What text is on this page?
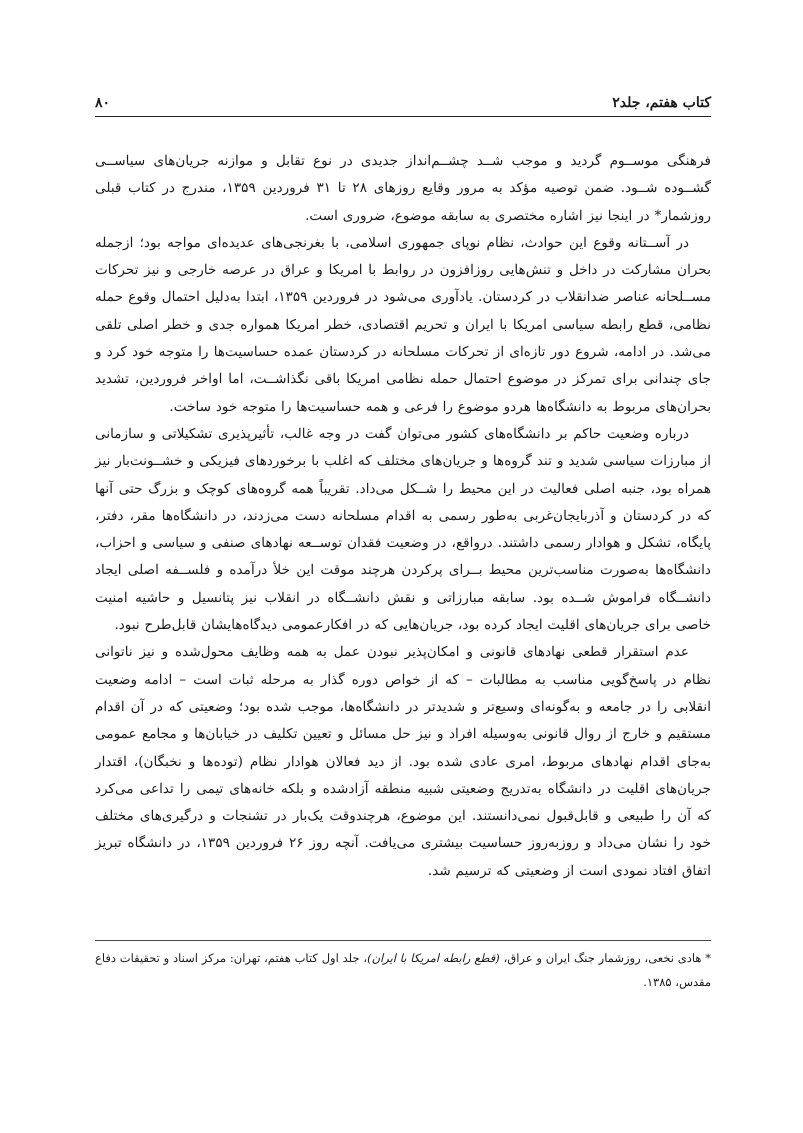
کتاب هفتم، جلد۲
۸۰

فرهنگی موســوم گردید و موجب شــد چشــم‌انداز جدیدی در نوع تقابل و موازنه جریان‌های سیاســی گشــوده شــود. ضمن توصیه مؤکد به مرور وقایع روزهای ۲۸ تا ۳۱ فروردین ۱۳۵۹، مندرج در کتاب قبلی روزشمار* در اینجا نیز اشاره مختصری به سابقه موضوع، ضروری است.

در آســتانه وقوع این حوادث، نظام نوپای جمهوری اسلامی، با بغرنجی‌های عدیده‌ای مواجه بود؛ ازجمله بحران مشارکت در داخل و تنش‌هایی روزافزون در روابط با امریکا و عراق در عرصه خارجی و نیز تحرکات مســلحانه عناصر ضدانقلاب در کردستان. یادآوری می‌شود در فروردین ۱۳۵۹، ابتدا به‌دلیل احتمال وقوع حمله نظامی، قطع رابطه سیاسی امریکا با ایران و تحریم اقتصادی، خطر امریکا همواره جدی و خطر اصلی تلقی می‌شد. در ادامه، شروع دور تازه‌ای از تحرکات مسلحانه در کردستان عمده حساسیت‌ها را متوجه خود کرد و جای چندانی برای تمرکز در موضوع احتمال حمله نظامی امریکا باقی نگذاشــت، اما اواخر فروردین، تشدید بحران‌های مربوط به دانشگاه‌ها هردو موضوع را فرعی و همه حساسیت‌ها را متوجه خود ساخت.

درباره وضعیت حاکم بر دانشگاه‌های کشور می‌توان گفت در وجه غالب، تأثیرپذیری تشکیلاتی و سازمانی از مبارزات سیاسی شدید و تند گروه‌ها و جریان‌های مختلف که اغلب با برخوردهای فیزیکی و خشــونت‌بار نیز همراه بود، جنبه اصلی فعالیت در این محیط را شــکل می‌داد. تقریباً همه گروه‌های کوچک و بزرگ حتی آنها که در کردستان و آذربایجان‌غربی به‌طور رسمی به اقدام مسلحانه دست می‌زدند، در دانشگاه‌ها مقر، دفتر، پایگاه، تشکل و هوادار رسمی داشتند. درواقع، در وضعیت فقدان توســعه نهادهای صنفی و سیاسی و احزاب، دانشگاه‌ها به‌صورت مناسب‌ترین محیط بــرای پرکردن هرچند موقت این خلأ درآمده و فلســفه اصلی ایجاد دانشــگاه فراموش شــده بود. سابقه مبارزاتی و نقش دانشــگاه در انقلاب نیز پتانسیل و حاشیه امنیت خاصی برای جریان‌های اقلیت ایجاد کرده بود، جریان‌هایی که در افکارعمومی دیدگاه‌هایشان قابل‌طرح نبود.

عدم استقرار قطعی نهادهای قانونی و امکان‌پذیر نبودن عمل به همه وظایف محول‌شده و نیز ناتوانی نظام در پاسخ‌گویی مناسب به مطالبات – که از خواص دوره گذار به مرحله ثبات است – ادامه وضعیت انقلابی را در جامعه و به‌گونه‌ای وسیع‌تر و شدیدتر در دانشگاه‌ها، موجب شده بود؛ وضعیتی که در آن اقدام مستقیم و خارج از روال قانونی به‌وسیله افراد و نیز حل مسائل و تعیین تکلیف در خیابان‌ها و مجامع عمومی به‌جای اقدام نهادهای مربوط، امری عادی شده بود. از دید فعالان هوادار نظام (توده‌ها و نخبگان)، اقتدار جریان‌های اقلیت در دانشگاه به‌تدریج وضعیتی شبیه منطقه آزادشده و بلکه خانه‌های تیمی را تداعی می‌کرد که آن را طبیعی و قابل‌قبول نمی‌دانستند. این موضوع، هرچندوقت یک‌بار در تشنجات و درگیری‌های مختلف خود را نشان می‌داد و روزبه‌روز حساسیت بیشتری می‌یافت. آنچه روز ۲۶ فروردین ۱۳۵۹، در دانشگاه تبریز اتفاق افتاد نمودی است از وضعیتی که ترسیم شد.

* هادی نخعی، روزشمار جنگ ایران و عراق، (قطع رابطه امریکا با ایران)، جلد اول کتاب هفتم، تهران: مرکز اسناد و تحقیقات دفاع مقدس، ۱۳۸۵.
